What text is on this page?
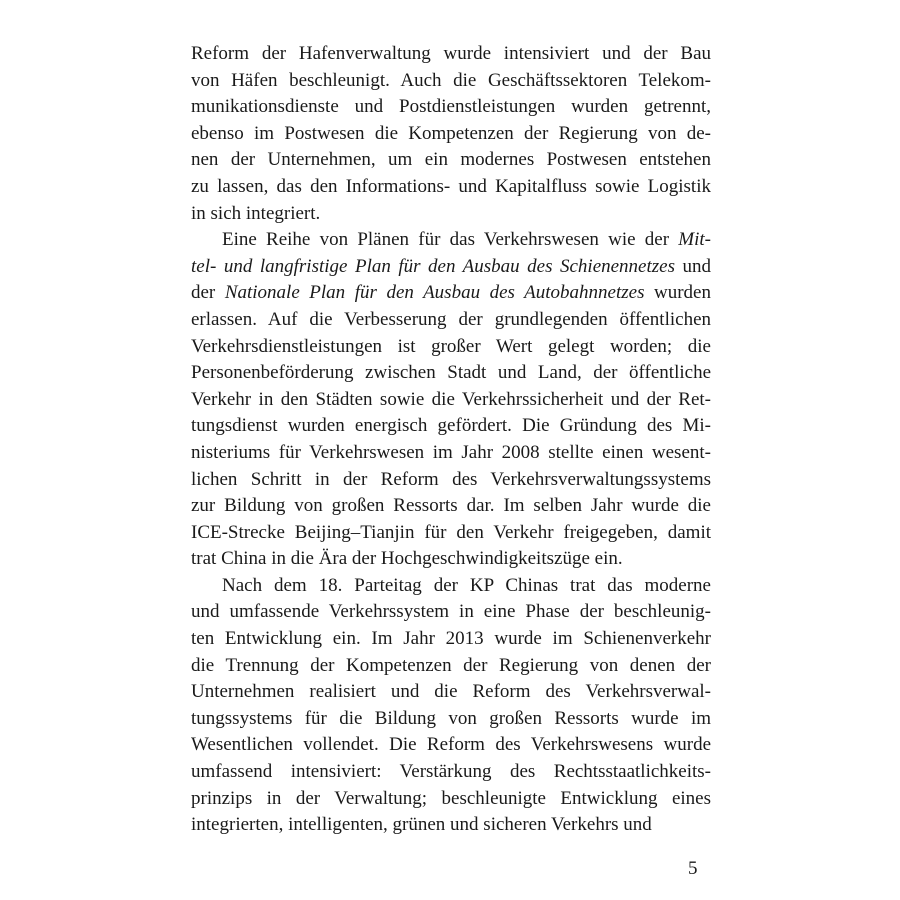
Reform der Hafenverwaltung wurde intensiviert und der Bau
von Häfen beschleunigt. Auch die Geschäftssektoren Telekom-
munikationsdienste und Postdienstleistungen wurden getrennt,
ebenso im Postwesen die Kompetenzen der Regierung von de-
nen der Unternehmen, um ein modernes Postwesen entstehen
zu lassen, das den Informations- und Kapitalfluss sowie Logistik
in sich integriert.
Eine Reihe von Plänen für das Verkehrswesen wie der Mit-
tel- und langfristige Plan für den Ausbau des Schienennetzes und
der Nationale Plan für den Ausbau des Autobahnnetzes wurden
erlassen. Auf die Verbesserung der grundlegenden öffentlichen
Verkehrsdienstleistungen ist großer Wert gelegt worden; die
Personenbeförderung zwischen Stadt und Land, der öffentliche
Verkehr in den Städten sowie die Verkehrssicherheit und der Ret-
tungsdienst wurden energisch gefördert. Die Gründung des Mi-
nisteriums für Verkehrswesen im Jahr 2008 stellte einen wesent-
lichen Schritt in der Reform des Verkehrsverwaltungssystems
zur Bildung von großen Ressorts dar. Im selben Jahr wurde die
ICE-Strecke Beijing–Tianjin für den Verkehr freigegeben, damit
trat China in die Ära der Hochgeschwindigkeitszüge ein.
Nach dem 18. Parteitag der KP Chinas trat das moderne
und umfassende Verkehrssystem in eine Phase der beschleunig-
ten Entwicklung ein. Im Jahr 2013 wurde im Schienenverkehr
die Trennung der Kompetenzen der Regierung von denen der
Unternehmen realisiert und die Reform des Verkehrsverwal-
tungssystems für die Bildung von großen Ressorts wurde im
Wesentlichen vollendet. Die Reform des Verkehrswesens wurde
umfassend intensiviert: Verstärkung des Rechtsstaatlichkeits-
prinzips in der Verwaltung; beschleunigte Entwicklung eines
integrierten, intelligenten, grünen und sicheren Verkehrs und
5
